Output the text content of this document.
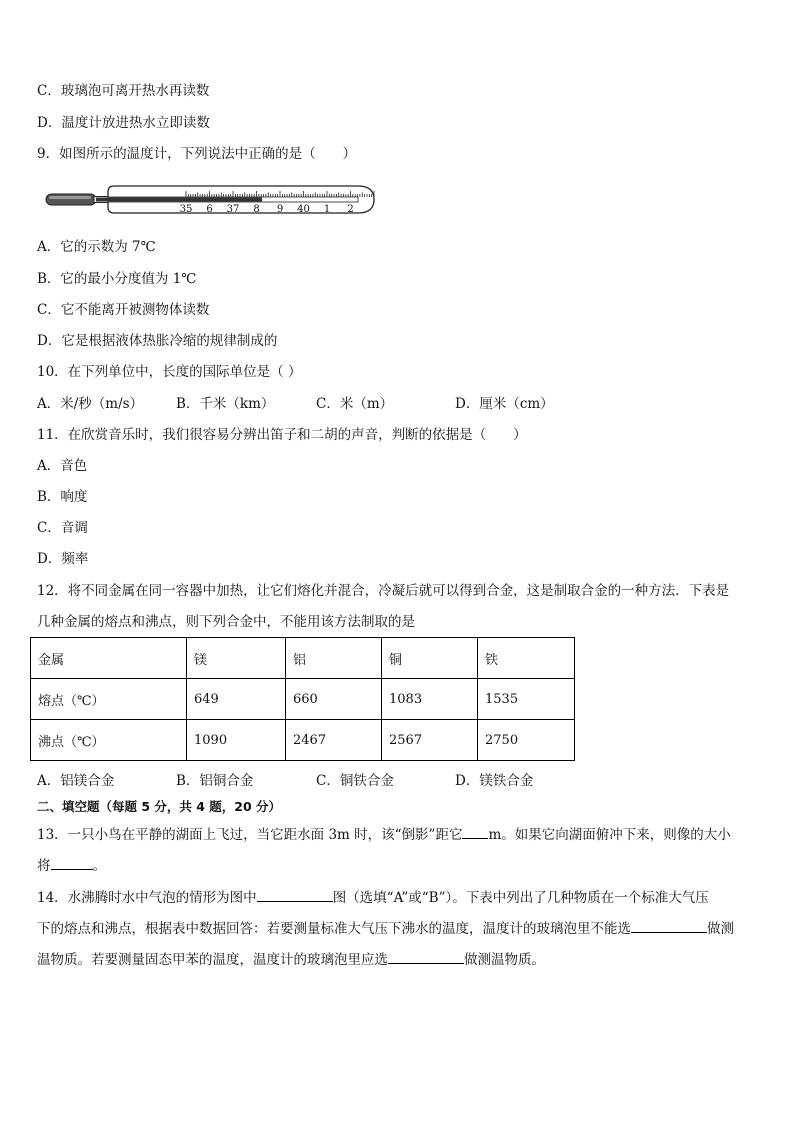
C．玻璃泡可离开热水再读数
D．温度计放进热水立即读数
9．如图所示的温度计，下列说法中正确的是（　　）
35 6 37 8 9 40 1 2
A．它的示数为 7℃
B．它的最小分度值为 1℃
C．它不能离开被测物体读数
D．它是根据液体热胀冷缩的规律制成的
10．在下列单位中，长度的国际单位是（ ）
A．米/秒（m/s） B．千米（km）	C．米（m）	D．厘米（cm）
11．在欣赏音乐时，我们很容易分辨出笛子和二胡的声音，判断的依据是（　　）
A．音色
B．响度
C．音调
D．频率
12．将不同金属在同一容器中加热，让它们熔化并混合，冷凝后就可以得到合金，这是制取合金的一种方法．下表是
几种金属的熔点和沸点，则下列合金中，不能用该方法制取的是
金属	镁	铝	铜	铁
熔点（℃）	649	660	1083	1535
沸点（℃）	1090	2467	2567	2750
A．铝镁合金	B．铝铜合金	C．铜铁合金	D．镁铁合金
二、填空题（每题 5 分，共 4 题，20 分）
13．一只小鸟在平静的湖面上飞过，当它距水面 3m 时，该“倒影”距它 m。如果它向湖面俯冲下来，则像的大小
将	。
14．水沸腾时水中气泡的情形为图中	图（选填“A”或“B”）。下表中列出了几种物质在一个标准大气压
下的熔点和沸点，根据表中数据回答：若要测量标准大气压下沸水的温度，温度计的玻璃泡里不能选	做测
温物质。若要测量固态甲苯的温度，温度计的玻璃泡里应选	做测温物质。
